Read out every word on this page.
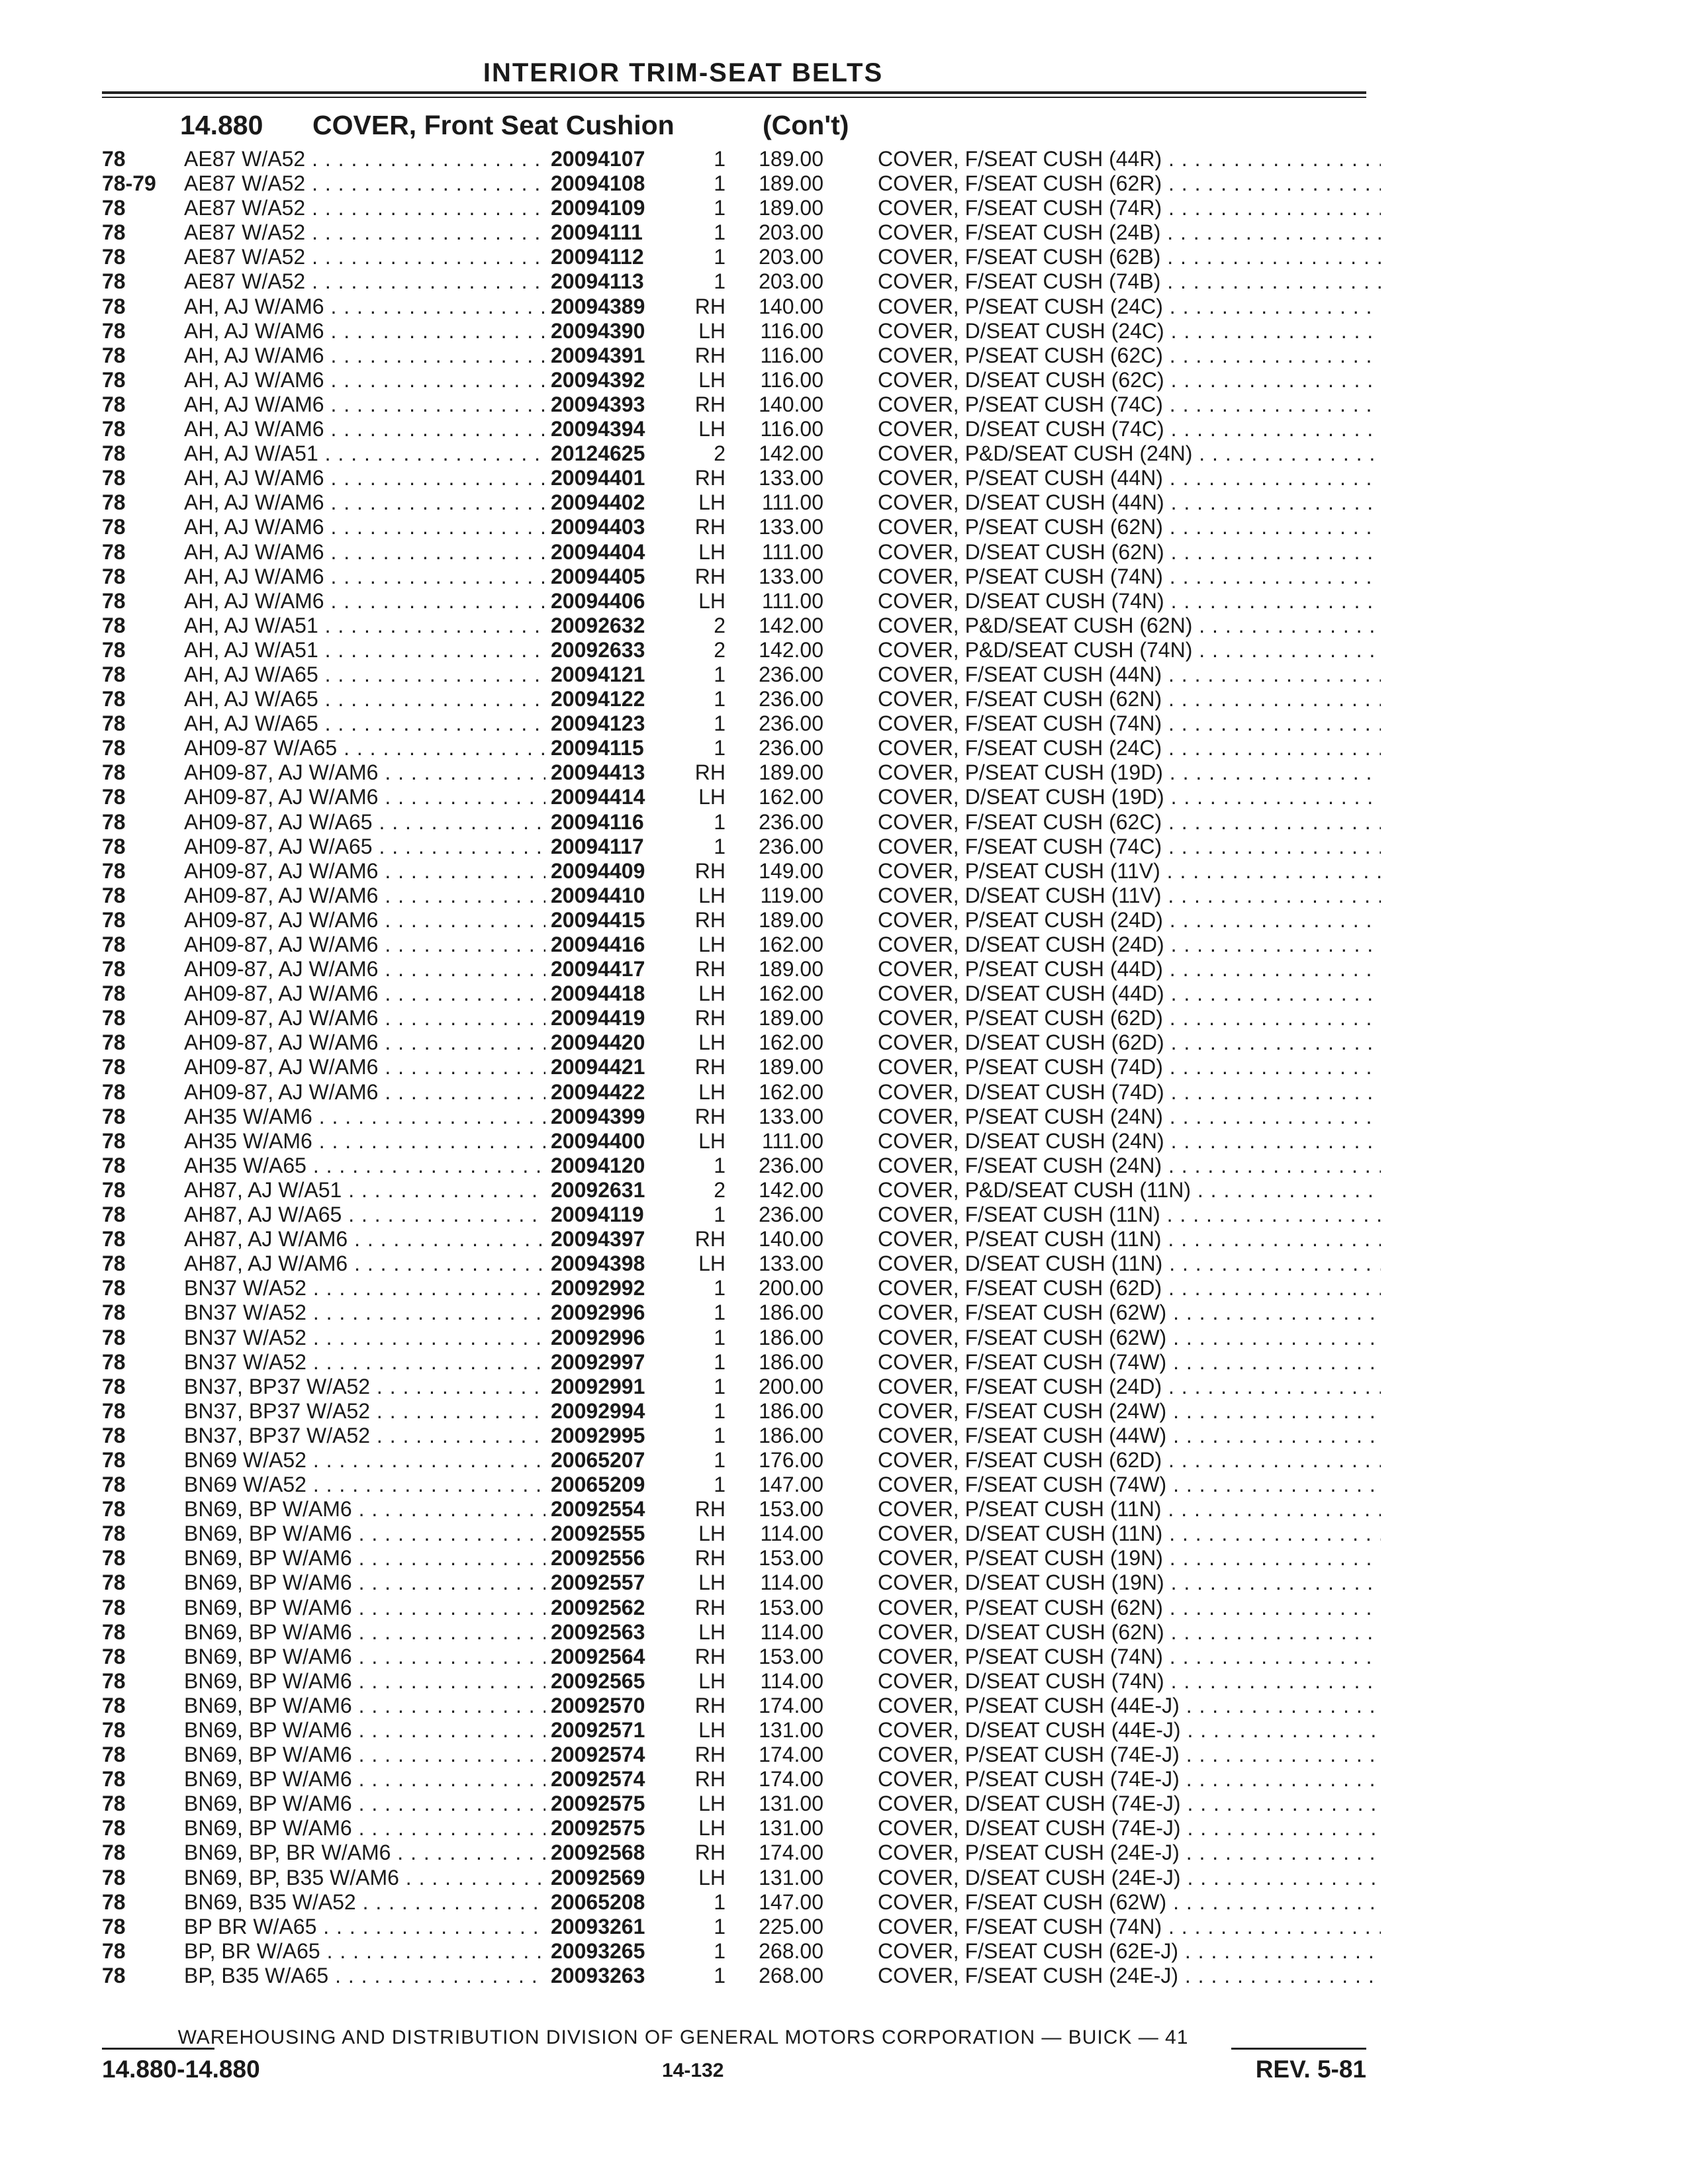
INTERIOR TRIM-SEAT BELTS
14.880 COVER, Front Seat Cushion	(Con't)
78	AE87 W/A52 . . .	20094107	1	189.00	COVER, F/SEAT CUSH (44R) . . .
78-79 AE87 W/A52 . . .	20094108	1	189.00	COVER, F/SEAT CUSH (62R) . . .
78	AE87 W/A52 . . .	20094109	1	189.00	COVER, F/SEAT CUSH (74R) . . .
78	AE87 W/A52 . . .	20094111	1	203.00	COVER, F/SEAT CUSH (24B) . . .
78	AE87 W/A52 . . .	20094112	1	203.00	COVER, F/SEAT CUSH (62B) . . .
78	AE87 W/A52 . . .	20094113	1	203.00	COVER, F/SEAT CUSH (74B) . . .
78	AH, AJ W/AM6 . . .	20094389	RH	140.00	COVER, P/SEAT CUSH (24C) . . .
78	AH, AJ W/AM6 . . .	20094390	LH	116.00	COVER, D/SEAT CUSH (24C) . . .
78	AH, AJ W/AM6 . . .	20094391	RH	116.00	COVER, P/SEAT CUSH (62C) . . .
78	AH, AJ W/AM6 . . .	20094392	LH	116.00	COVER, D/SEAT CUSH (62C) . . .
78	AH, AJ W/AM6 . . .	20094393	RH	140.00	COVER, P/SEAT CUSH (74C) . . .
78	AH, AJ W/AM6 . . .	20094394	LH	116.00	COVER, D/SEAT CUSH (74C) . . .
78	AH, AJ W/A51 . . .	20124625	2	142.00	COVER, P&D/SEAT CUSH (24N) . . .
78	AH, AJ W/AM6 . . .	20094401	RH	133.00	COVER, P/SEAT CUSH (44N) . . .
78	AH, AJ W/AM6 . . .	20094402	LH	111.00	COVER, D/SEAT CUSH (44N) . . .
78	AH, AJ W/AM6 . . .	20094403	RH	133.00	COVER, P/SEAT CUSH (62N) . . .
78	AH, AJ W/AM6 . . .	20094404	LH	111.00	COVER, D/SEAT CUSH (62N) . . .
78	AH, AJ W/AM6 . . .	20094405	RH	133.00	COVER, P/SEAT CUSH (74N) . . .
78	AH, AJ W/AM6 . . .	20094406	LH	111.00	COVER, D/SEAT CUSH (74N) . . .
78	AH, AJ W/A51 . . .	20092632	2	142.00	COVER, P&D/SEAT CUSH (62N) . . .
78	AH, AJ W/A51 . . .	20092633	2	142.00	COVER, P&D/SEAT CUSH (74N) . . .
78	AH, AJ W/A65 . . .	20094121	1	236.00	COVER, F/SEAT CUSH (44N) . . .
78	AH, AJ W/A65 . . .	20094122	1	236.00	COVER, F/SEAT CUSH (62N) . . .
78	AH, AJ W/A65 . . .	20094123	1	236.00	COVER, F/SEAT CUSH (74N) . . .
78	AH09-87 W/A65 . . .	20094115	1	236.00	COVER, F/SEAT CUSH (24C) . . .
78	AH09-87, AJ W/AM6 . . .	20094413	RH	189.00	COVER, P/SEAT CUSH (19D) . . .
78	AH09-87, AJ W/AM6 . . .	20094414	LH	162.00	COVER, D/SEAT CUSH (19D) . . .
78	AH09-87, AJ W/A65 . . .	20094116	1	236.00	COVER, F/SEAT CUSH (62C) . . .
78	AH09-87, AJ W/A65 . . .	20094117	1	236.00	COVER, F/SEAT CUSH (74C) . . .
78	AH09-87, AJ W/AM6 . . .	20094409	RH	149.00	COVER, P/SEAT CUSH (11V) . . .
78	AH09-87, AJ W/AM6 . . .	20094410	LH	119.00	COVER, D/SEAT CUSH (11V) . . .
78	AH09-87, AJ W/AM6 . . .	20094415	RH	189.00	COVER, P/SEAT CUSH (24D) . . .
78	AH09-87, AJ W/AM6 . . .	20094416	LH	162.00	COVER, D/SEAT CUSH (24D) . . .
78	AH09-87, AJ W/AM6 . . .	20094417	RH	189.00	COVER, P/SEAT CUSH (44D) . . .
78	AH09-87, AJ W/AM6 . . .	20094418	LH	162.00	COVER, D/SEAT CUSH (44D) . . .
78	AH09-87, AJ W/AM6 . . .	20094419	RH	189.00	COVER, P/SEAT CUSH (62D) . . .
78	AH09-87, AJ W/AM6 . . .	20094420	LH	162.00	COVER, D/SEAT CUSH (62D) . . .
78	AH09-87, AJ W/AM6 . . .	20094421	RH	189.00	COVER, P/SEAT CUSH (74D) . . .
78	AH09-87, AJ W/AM6 . . .	20094422	LH	162.00	COVER, D/SEAT CUSH (74D) . . .
78	AH35 W/AM6 . . .	20094399	RH	133.00	COVER, P/SEAT CUSH (24N) . . .
78	AH35 W/AM6 . . .	20094400	LH	111.00	COVER, D/SEAT CUSH (24N) . . .
78	AH35 W/A65 . . .	20094120	1	236.00	COVER, F/SEAT CUSH (24N) . . .
78	AH87, AJ W/A51 . . .	20092631	2	142.00	COVER, P&D/SEAT CUSH (11N) . . .
78	AH87, AJ W/A65 . . .	20094119	1	236.00	COVER, F/SEAT CUSH (11N) . . .
78	AH87, AJ W/AM6 . . .	20094397	RH	140.00	COVER, P/SEAT CUSH (11N) . . .
78	AH87, AJ W/AM6 . . .	20094398	LH	133.00	COVER, D/SEAT CUSH (11N) . . .
78	BN37 W/A52 . . .	20092992	1	200.00	COVER, F/SEAT CUSH (62D) . . .
78	BN37 W/A52 . . .	20092996	1	186.00	COVER, F/SEAT CUSH (62W) . . .
78	BN37 W/A52 . . .	20092996	1	186.00	COVER, F/SEAT CUSH (62W) . . .
78	BN37 W/A52 . . .	20092997	1	186.00	COVER, F/SEAT CUSH (74W) . . .
78	BN37, BP37 W/A52 . . .	20092991	1	200.00	COVER, F/SEAT CUSH (24D) . . .
78	BN37, BP37 W/A52 . . .	20092994	1	186.00	COVER, F/SEAT CUSH (24W) . . .
78	BN37, BP37 W/A52 . . .	20092995	1	186.00	COVER, F/SEAT CUSH (44W) . . .
78	BN69 W/A52 . . .	20065207	1	176.00	COVER, F/SEAT CUSH (62D) . . .
78	BN69 W/A52 . . .	20065209	1	147.00	COVER, F/SEAT CUSH (74W) . . .
78	BN69, BP W/AM6 . . .	20092554	RH	153.00	COVER, P/SEAT CUSH (11N) . . .
78	BN69, BP W/AM6 . . .	20092555	LH	114.00	COVER, D/SEAT CUSH (11N) . . .
78	BN69, BP W/AM6 . . .	20092556	RH	153.00	COVER, P/SEAT CUSH (19N) . . .
78	BN69, BP W/AM6 . . .	20092557	LH	114.00	COVER, D/SEAT CUSH (19N) . . .
78	BN69, BP W/AM6 . . .	20092562	RH	153.00	COVER, P/SEAT CUSH (62N) . . .
78	BN69, BP W/AM6 . . .	20092563	LH	114.00	COVER, D/SEAT CUSH (62N) . . .
78	BN69, BP W/AM6 . . .	20092564	RH	153.00	COVER, P/SEAT CUSH (74N) . . .
78	BN69, BP W/AM6 . . .	20092565	LH	114.00	COVER, D/SEAT CUSH (74N) . . .
78	BN69, BP W/AM6 . . .	20092570	RH	174.00	COVER, P/SEAT CUSH (44E-J) . . .
78	BN69, BP W/AM6 . . .	20092571	LH	131.00	COVER, D/SEAT CUSH (44E-J) . . .
78	BN69, BP W/AM6 . . .	20092574	RH	174.00	COVER, P/SEAT CUSH (74E-J) . . .
78	BN69, BP W/AM6 . . .	20092574	RH	174.00	COVER, P/SEAT CUSH (74E-J) . . .
78	BN69, BP W/AM6 . . .	20092575	LH	131.00	COVER, D/SEAT CUSH (74E-J) . . .
78	BN69, BP W/AM6 . . .	20092575	LH	131.00	COVER, D/SEAT CUSH (74E-J) . . .
78	BN69, BP, BR W/AM6 . . .	20092568	RH	174.00	COVER, P/SEAT CUSH (24E-J) . . .
78	BN69, BP, B35 W/AM6 . . .	20092569	LH	131.00	COVER, D/SEAT CUSH (24E-J) . . .
78	BN69, B35 W/A52 . . .	20065208	1	147.00	COVER, F/SEAT CUSH (62W) . . .
78	BP BR W/A65 . . .	20093261	1	225.00	COVER, F/SEAT CUSH (74N) . . .
78	BP, BR W/A65 . . .	20093265	1	268.00	COVER, F/SEAT CUSH (62E-J) . . .
78	BP, B35 W/A65 . . .	20093263	1	268.00	COVER, F/SEAT CUSH (24E-J) . . .
WAREHOUSING AND DISTRIBUTION DIVISION OF GENERAL MOTORS CORPORATION — BUICK — 41
14.880-14.880	14-132	REV. 5-81
